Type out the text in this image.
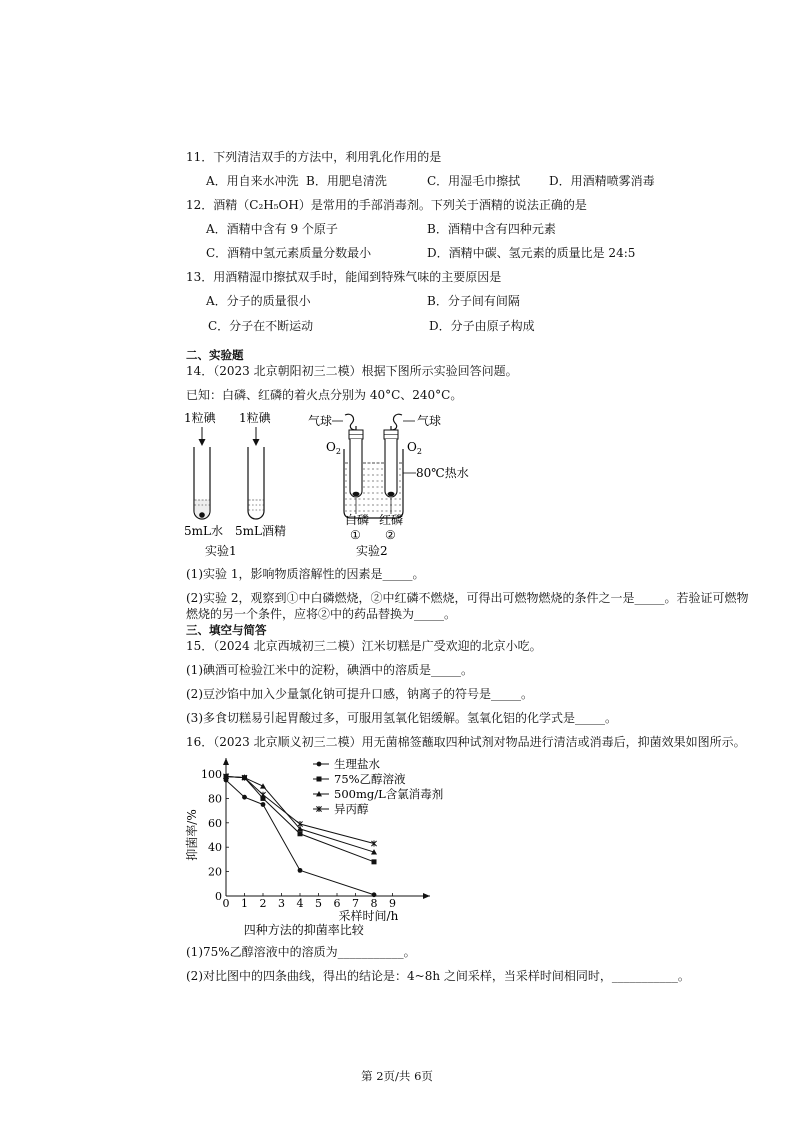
11．下列清洁双手的方法中，利用乳化作用的是
A．用自来水冲洗 B．用肥皂清洗	C．用湿毛巾擦拭 D．用酒精喷雾消毒
12．酒精（C₂H₅OH）是常用的手部消毒剂。下列关于酒精的说法正确的是
A．酒精中含有 9 个原子	B．酒精中含有四种元素
C．酒精中氢元素质量分数最小	D．酒精中碳、氢元素的质量比是 24:5
13．用酒精湿巾擦拭双手时，能闻到特殊气味的主要原因是
A．分子的质量很小	B．分子间有间隔
C．分子在不断运动	D．分子由原子构成
二、实验题
14．（2023 北京朝阳初三二模）根据下图所示实验回答问题。
已知：白磷、红磷的着火点分别为 40°C、240°C。
1粒碘 1粒碘
5mL水 5mL酒精
实验1
气球	气球
$O_2$	$O_2$
80℃热水
白磷 红磷
① ②
实验2
(1)实验 1，影响物质溶解性的因素是_____。
(2)实验 2，观察到①中白磷燃烧，②中红磷不燃烧，可得出可燃物燃烧的条件之一是_____。若验证可燃物
燃烧的另一个条件，应将②中的药品替换为_____。
三、填空与简答
15．（2024 北京西城初三二模）江米切糕是广受欢迎的北京小吃。
(1)碘酒可检验江米中的淀粉，碘酒中的溶质是_____。
(2)豆沙馅中加入少量氯化钠可提升口感，钠离子的符号是_____。
(3)多食切糕易引起胃酸过多，可服用氢氧化铝缓解。氢氧化铝的化学式是_____。
16．（2023 北京顺义初三二模）用无菌棉签蘸取四种试剂对物品进行清洁或消毒后，抑菌效果如图所示。
0 1 2 3 4 5 6 7 8 9
0
20
40
60
80
100
采样时间/h
抑菌率/%
四种方法的抑菌率比较
生理盐水
75%乙醇溶液
500mg/L含氯消毒剂
异丙醇
(1)75%乙醇溶液中的溶质为___________。
(2)对比图中的四条曲线，得出的结论是：4~8h 之间采样，当采样时间相同时，___________。
第 2页/共 6页
